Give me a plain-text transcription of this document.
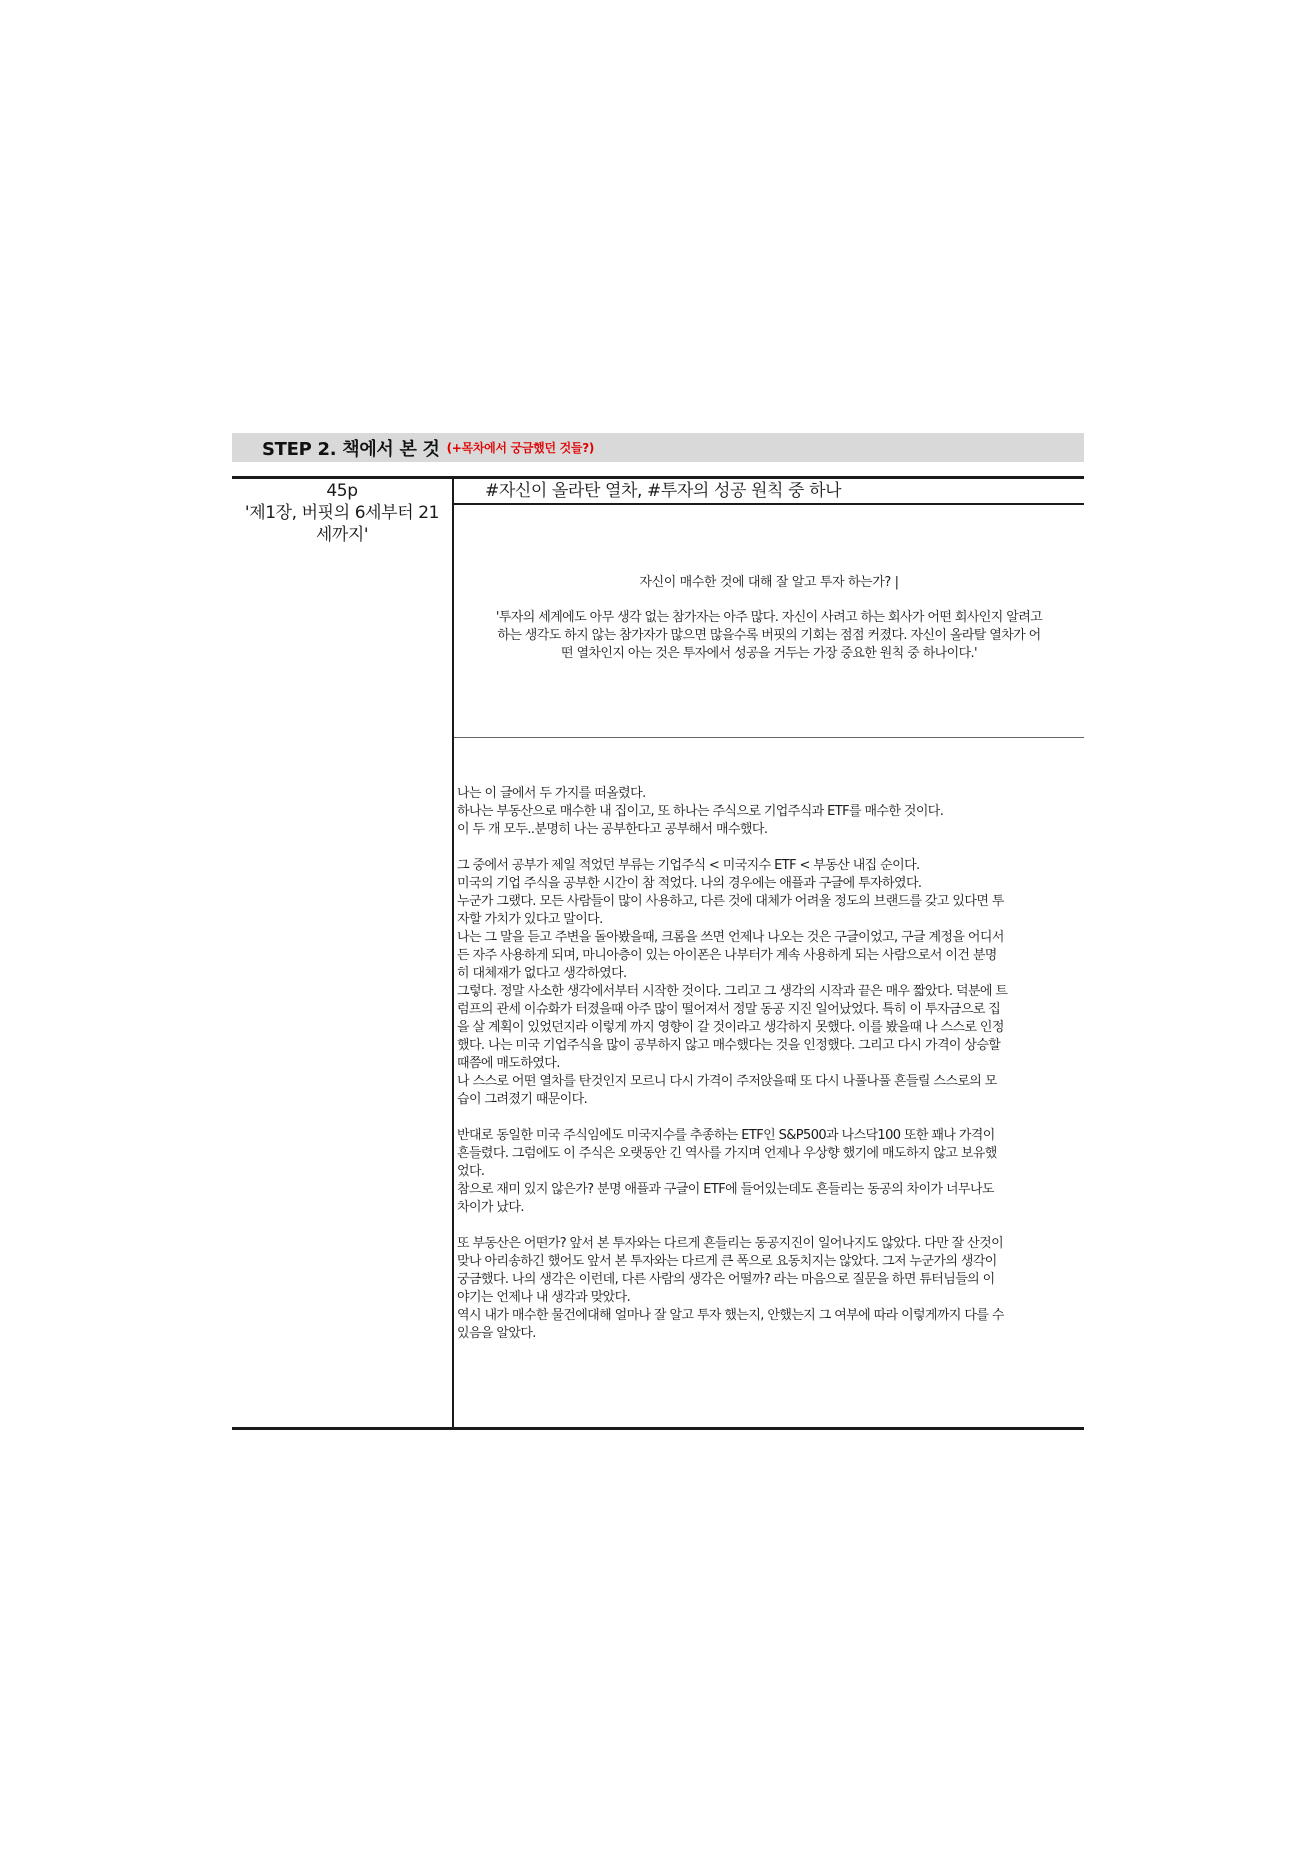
STEP 2. 책에서 본 것 (+목차에서 궁금했던 것들?)
45p
'제1장, 버핏의 6세부터 21
세까지'
#자신이 올라탄 열차, #투자의 성공 원칙 중 하나
자신이 매수한 것에 대해 잘 알고 투자 하는가? |
'투자의 세계에도 아무 생각 없는 참가자는 아주 많다. 자신이 사려고 하는 회사가 어떤 회사인지 알려고
하는 생각도 하지 않는 참가자가 많으면 많을수록 버핏의 기회는 점점 커졌다. 자신이 올라탈 열차가 어
떤 열차인지 아는 것은 투자에서 성공을 거두는 가장 중요한 원칙 중 하나이다.'
나는 이 글에서 두 가지를 떠올렸다.
하나는 부동산으로 매수한 내 집이고, 또 하나는 주식으로 기업주식과 ETF를 매수한 것이다.
이 두 개 모두..분명히 나는 공부한다고 공부해서 매수했다.
그 중에서 공부가 제일 적었던 부류는 기업주식 < 미국지수 ETF < 부동산 내집 순이다.
미국의 기업 주식을 공부한 시간이 참 적었다. 나의 경우에는 애플과 구글에 투자하였다.
누군가 그랬다. 모든 사람들이 많이 사용하고, 다른 것에 대체가 어려울 정도의 브랜드를 갖고 있다면 투
자할 가치가 있다고 말이다.
나는 그 말을 듣고 주변을 돌아봤을때, 크롬을 쓰면 언제나 나오는 것은 구글이었고, 구글 계정을 어디서
든 자주 사용하게 되며, 마니아층이 있는 아이폰은 나부터가 계속 사용하게 되는 사람으로서 이건 분명
히 대체재가 없다고 생각하였다.
그렇다. 정말 사소한 생각에서부터 시작한 것이다. 그리고 그 생각의 시작과 끝은 매우 짧았다. 덕분에 트
럼프의 관세 이슈화가 터졌을때 아주 많이 떨어져서 정말 동공 지진 일어났었다. 특히 이 투자금으로 집
을 살 계획이 있었던지라 이렇게 까지 영향이 갈 것이라고 생각하지 못했다. 이를 봤을때 나 스스로 인정
했다. 나는 미국 기업주식을 많이 공부하지 않고 매수했다는 것을 인정했다. 그리고 다시 가격이 상승할
때쯤에 매도하였다.
나 스스로 어떤 열차를 탄것인지 모르니 다시 가격이 주저앉을때 또 다시 나풀나풀 흔들릴 스스로의 모
습이 그려졌기 때문이다.
반대로 동일한 미국 주식임에도 미국지수를 추종하는 ETF인 S&P500과 나스닥100 또한 꽤나 가격이
흔들렸다. 그럼에도 이 주식은 오랫동안 긴 역사를 가지며 언제나 우상향 했기에 매도하지 않고 보유했
었다.
참으로 재미 있지 않은가? 분명 애플과 구글이 ETF에 들어있는데도 흔들리는 동공의 차이가 너무나도
차이가 났다.
또 부동산은 어떤가? 앞서 본 투자와는 다르게 흔들리는 동공지진이 일어나지도 않았다. 다만 잘 산것이
맞나 아리송하긴 했어도 앞서 본 투자와는 다르게 큰 폭으로 요동치지는 않았다. 그저 누군가의 생각이
궁금했다. 나의 생각은 이런데, 다른 사람의 생각은 어떨까? 라는 마음으로 질문을 하면 튜터님들의 이
야기는 언제나 내 생각과 맞았다.
역시 내가 매수한 물건에대해 얼마나 잘 알고 투자 했는지, 안했는지 그 여부에 따라 이렇게까지 다를 수
있음을 알았다.
